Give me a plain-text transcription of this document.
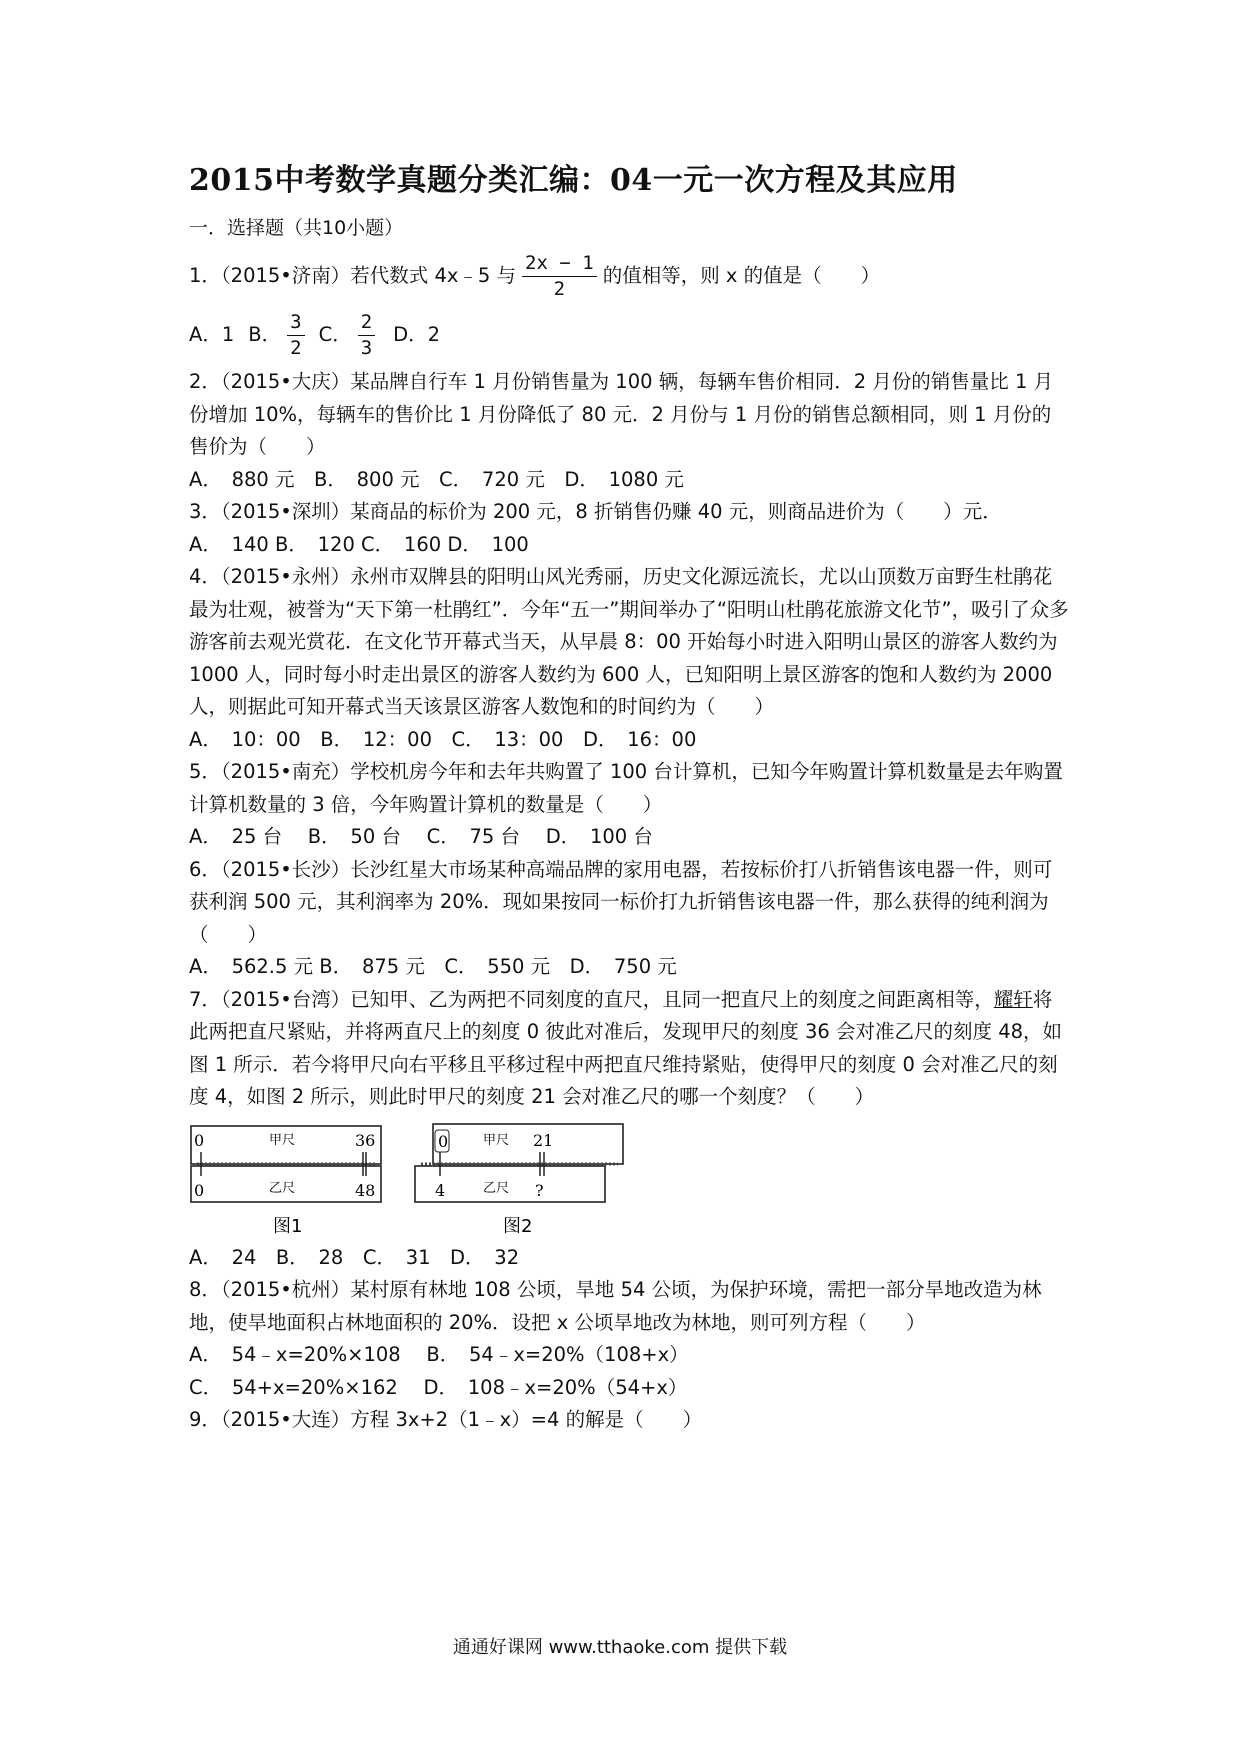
2015中考数学真题分类汇编：04一元一次方程及其应用
一．选择题（共10小题）
1．（2015•济南）若代数式 4x﹣5 与 $\frac{2x - 1}{2}$ 的值相等，则 x 的值是（　　）
A．1 B． $\frac{3}{2}$ C． $\frac{2}{3}$ D．2

2．（2015•大庆）某品牌自行车 1 月份销售量为 100 辆，每辆车售价相同．2 月份的销售量比 1 月份增加 10%，每辆车的售价比 1 月份降低了 80 元．2 月份与 1 月份的销售总额相同，则 1 月份的售价为（　　）

A．　880 元　B．　800 元　C．　720 元　D．　1080 元

3．（2015•深圳）某商品的标价为 200 元，8 折销售仍赚 40 元，则商品进价为（　　）元．

A．　140 B．　120 C．　160 D．　100

4．（2015•永州）永州市双牌县的阳明山风光秀丽，历史文化源远流长，尤以山顶数万亩野生杜鹃花最为壮观，被誉为“天下第一杜鹃红”．今年“五一”期间举办了“阳明山杜鹃花旅游文化节”，吸引了众多游客前去观光赏花．在文化节开幕式当天，从早晨 8：00 开始每小时进入阳明山景区的游客人数约为 1000 人，同时每小时走出景区的游客人数约为 600 人，已知阳明上景区游客的饱和人数约为 2000 人，则据此可知开幕式当天该景区游客人数饱和的时间约为（　　）

A．　10：00　B．　12：00　C．　13：00　D．　16：00

5．（2015•南充）学校机房今年和去年共购置了 100 台计算机，已知今年购置计算机数量是去年购置计算机数量的 3 倍，今年购置计算机的数量是（　　）

A．　25 台　 B．　50 台　 C．　75 台　 D．　100 台

6．（2015•长沙）长沙红星大市场某种高端品牌的家用电器，若按标价打八折销售该电器一件，则可获利润 500 元，其利润率为 20%．现如果按同一标价打九折销售该电器一件，那么获得的纯利润为（　　）

A．　562.5 元 B．　875 元　C．　550 元　D．　750 元

7．（2015•台湾）已知甲、乙为两把不同刻度的直尺，且同一把直尺上的刻度之间距离相等，耀轩将此两把直尺紧贴，并将两直尺上的刻度 0 彼此对准后，发现甲尺的刻度 36 会对准乙尺的刻度 48，如图 1 所示．若今将甲尺向右平移且平移过程中两把直尺维持紧贴，使得甲尺的刻度 0 会对准乙尺的刻度 4，如图 2 所示，则此时甲尺的刻度 21 会对准乙尺的哪一个刻度？（　　）

0	甲尺	36
0	乙尺	48
图1
0	甲尺 21
4	乙尺 ?
图2

A．　24　B．　28　C．　31　D．　32

8．（2015•杭州）某村原有林地 108 公顷，旱地 54 公顷，为保护环境，需把一部分旱地改造为林地，使旱地面积占林地面积的 20%．设把 x 公顷旱地改为林地，则可列方程（　　）

A．　54﹣x=20%×108　 B．　54﹣x=20%（108+x）

C．　54+x=20%×162　 D．　108﹣x=20%（54+x）

9．（2015•大连）方程 3x+2（1﹣x）=4 的解是（　　）

通通好课网 www.tthaoke.com 提供下载
